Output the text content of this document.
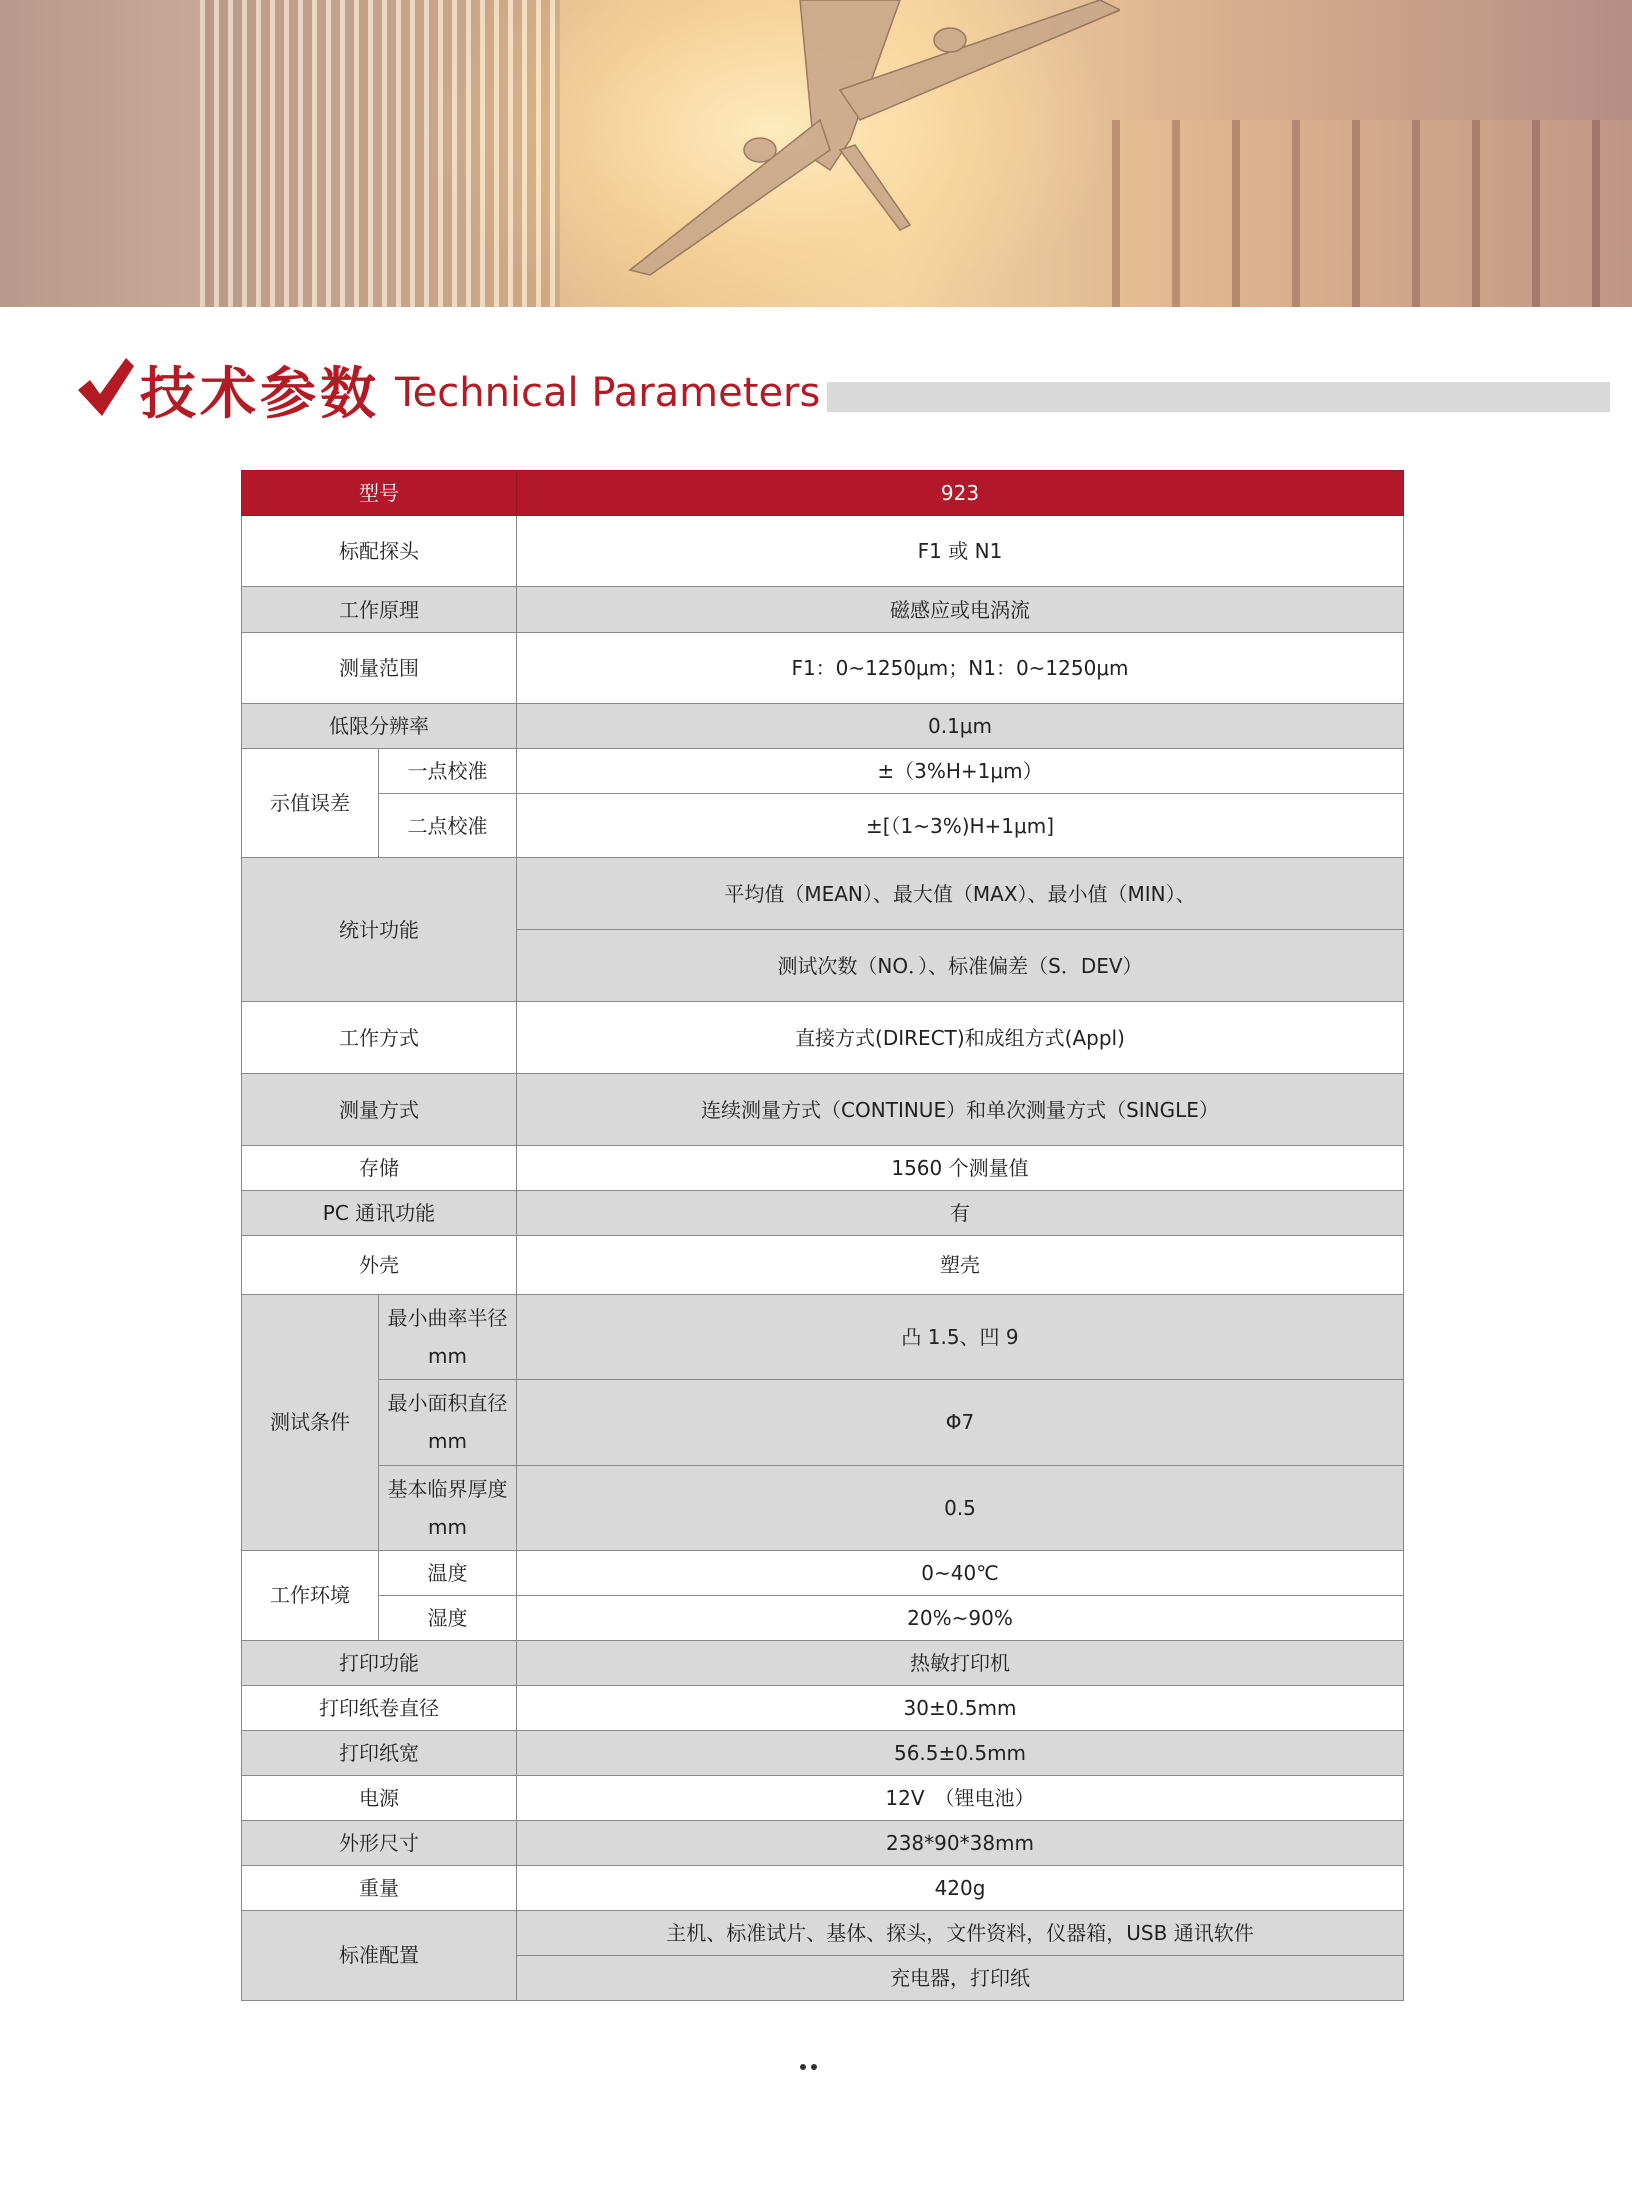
技术参数 Technical Parameters
型号		923
标配探头		F1 或 N1
工作原理		磁感应或电涡流
测量范围		F1：0~1250μm；N1：0~1250μm
低限分辨率		0.1μm
示值误差	一点校准	±（3%H+1μm）
	二点校准	±[（1~3%)H+1μm]
统计功能		平均值（MEAN）、最大值（MAX）、最小值（MIN）、
		测试次数（NO．）、标准偏差（S．DEV）
工作方式		直接方式(DIRECT)和成组方式(Appl)
测量方式		连续测量方式（CONTINUE）和单次测量方式（SINGLE）
存储		1560 个测量值
PC 通讯功能		有
外壳		塑壳
测试条件	最小曲率半径mm	凸 1.5、凹 9
	最小面积直径mm	Φ7
	基本临界厚度mm	0.5
工作环境	温度	0~40℃
	湿度	20%~90%
打印功能		热敏打印机
打印纸卷直径		30±0.5mm
打印纸宽		56.5±0.5mm
电源		12V　（锂电池）
外形尺寸		238*90*38mm
重量		420g
标准配置		主机、标准试片、基体、探头，文件资料，仪器箱，USB 通讯软件
		充电器，打印纸
